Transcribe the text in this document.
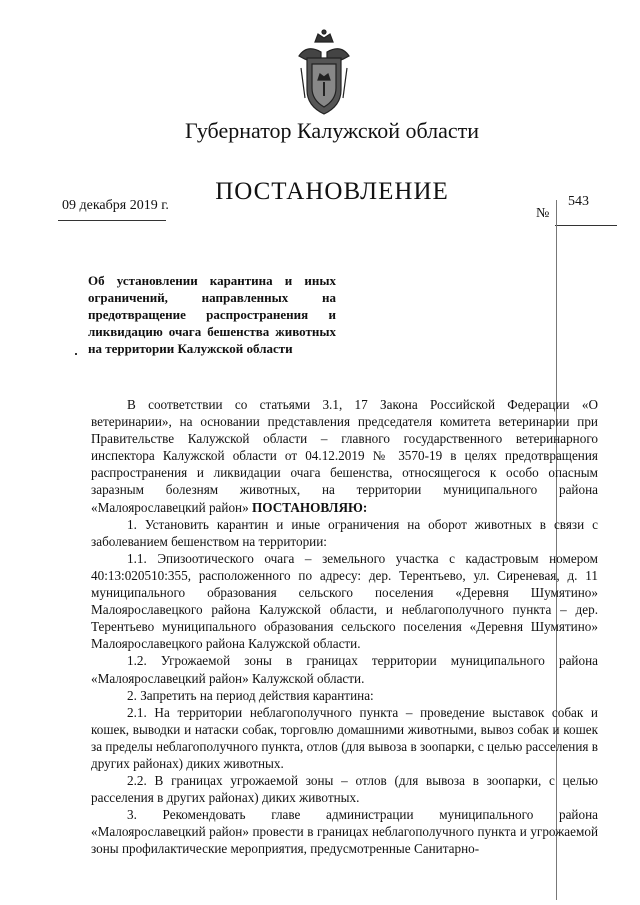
Губернатор Калужской области
ПОСТАНОВЛЕНИЕ
09 декабря 2019 г.
№
543
Об установлении карантина и иных ограничений, направленных на предотвращение распространения и ликвидацию очага бешенства животных на территории Калужской области

В соответствии со статьями 3.1, 17 Закона Российской Федерации «О ветеринарии», на основании представления председателя комитета ветеринарии при Правительстве Калужской области – главного государственного ветеринарного инспектора Калужской области от 04.12.2019 № 3570-19 в целях предотвращения распространения и ликвидации очага бешенства, относящегося к особо опасным заразным болезням животных, на территории муниципального района «Малоярославецкий район» ПОСТАНОВЛЯЮ:

1. Установить карантин и иные ограничения на оборот животных в связи с заболеванием бешенством на территории:

1.1. Эпизоотического очага – земельного участка с кадастровым номером 40:13:020510:355, расположенного по адресу: дер. Терентьево, ул. Сиреневая, д. 11 муниципального образования сельского поселения «Деревня Шумятино» Малоярославецкого района Калужской области, и неблагополучного пункта – дер. Терентьево муниципального образования сельского поселения «Деревня Шумятино» Малоярославецкого района Калужской области.

1.2. Угрожаемой зоны в границах территории муниципального района «Малоярославецкий район» Калужской области.

2. Запретить на период действия карантина:

2.1. На территории неблагополучного пункта – проведение выставок собак и кошек, выводки и натаски собак, торговлю домашними животными, вывоз собак и кошек за пределы неблагополучного пункта, отлов (для вывоза в зоопарки, с целью расселения в других районах) диких животных.

2.2. В границах угрожаемой зоны – отлов (для вывоза в зоопарки, с целью расселения в других районах) диких животных.

3. Рекомендовать главе администрации муниципального района «Малоярославецкий район» провести в границах неблагополучного пункта и угрожаемой зоны профилактические мероприятия, предусмотренные Санитарно-
